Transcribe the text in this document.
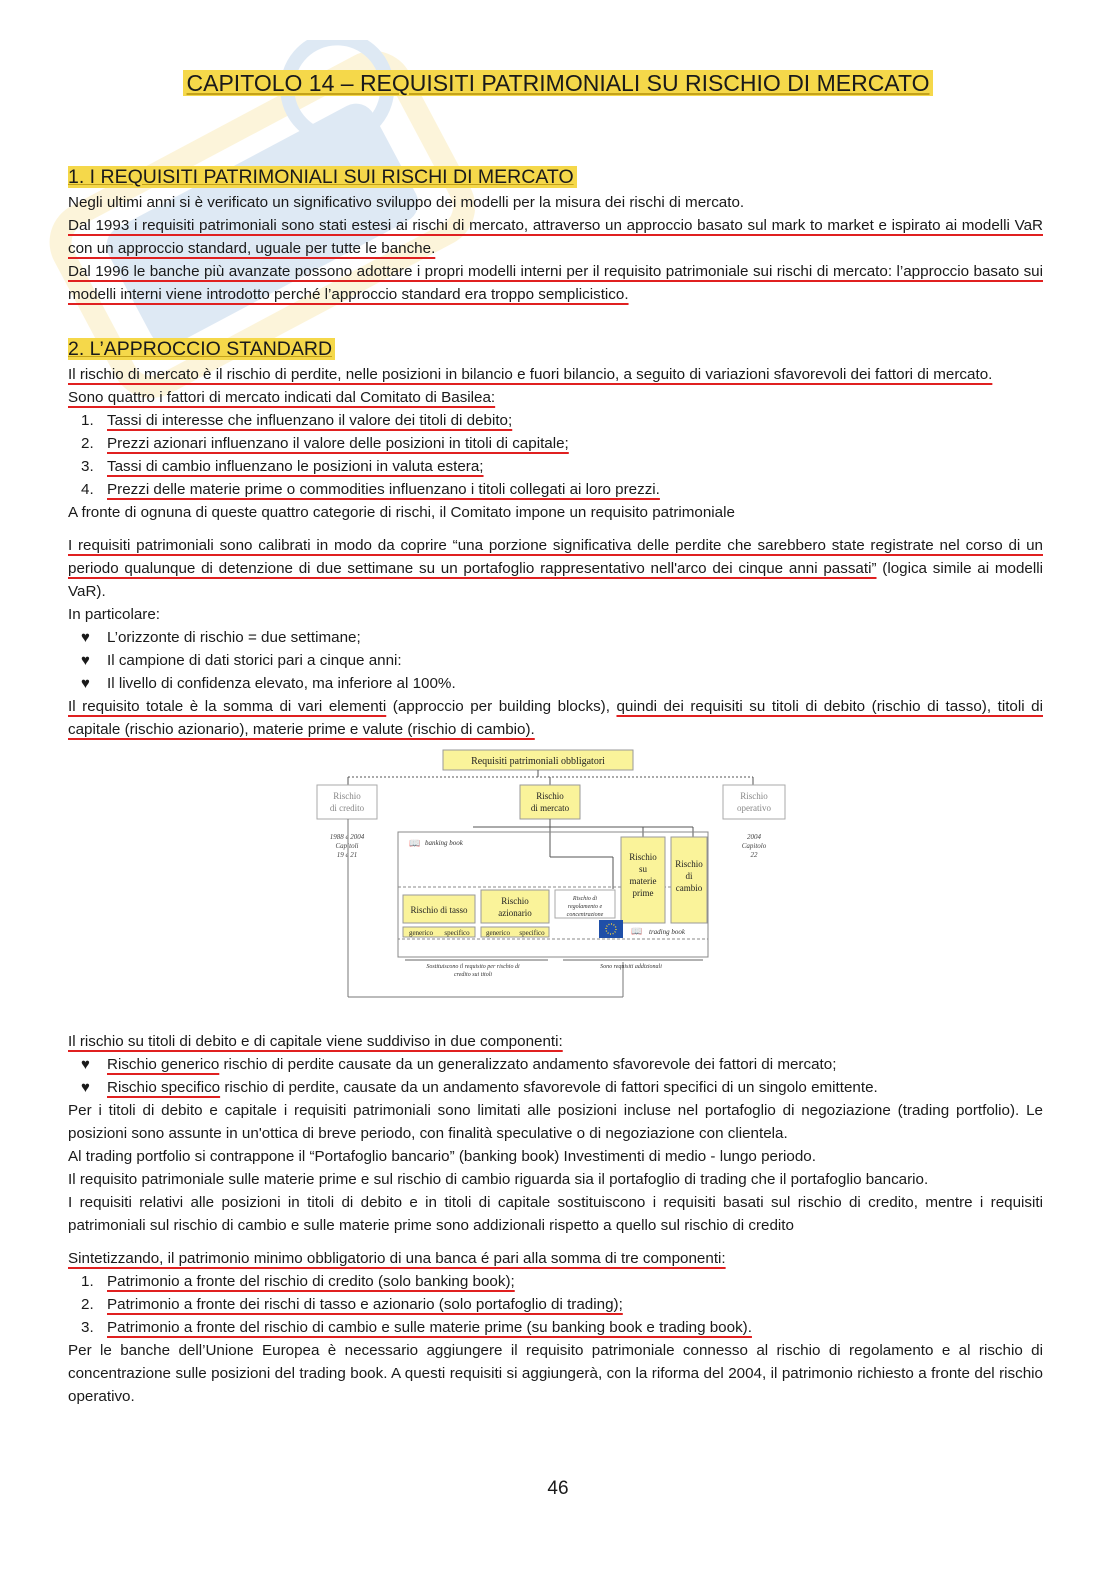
CAPITOLO 14 – REQUISITI PATRIMONIALI SU RISCHIO DI MERCATO
1. I REQUISITI PATRIMONIALI SUI RISCHI DI MERCATO

Negli ultimi anni si è verificato un significativo sviluppo dei modelli per la misura dei rischi di mercato.

Dal 1993 i requisiti patrimoniali sono stati estesi ai rischi di mercato, attraverso un approccio basato sul mark to market e ispirato ai modelli VaR con un approccio standard, uguale per tutte le banche.

Dal 1996 le banche più avanzate possono adottare i propri modelli interni per il requisito patrimoniale sui rischi di mercato: l’approccio basato sui modelli interni viene introdotto perché l’approccio standard era troppo semplicistico.

2. L’APPROCCIO STANDARD

Il rischio di mercato è il rischio di perdite, nelle posizioni in bilancio e fuori bilancio, a seguito di variazioni sfavorevoli dei fattori di mercato.

Sono quattro i fattori di mercato indicati dal Comitato di Basilea:

1. Tassi di interesse che influenzano il valore dei titoli di debito;
2. Prezzi azionari influenzano il valore delle posizioni in titoli di capitale;
3. Tassi di cambio influenzano le posizioni in valuta estera;
4. Prezzi delle materie prime o commodities influenzano i titoli collegati ai loro prezzi.

A fronte di ognuna di queste quattro categorie di rischi, il Comitato impone un requisito patrimoniale

I requisiti patrimoniali sono calibrati in modo da coprire “una porzione significativa delle perdite che sarebbero state registrate nel corso di un periodo qualunque di detenzione di due settimane su un portafoglio rappresentativo nell'arco dei cinque anni passati” (logica simile ai modelli VaR).

In particolare:

♥ L’orizzonte di rischio = due settimane;
♥ Il campione di dati storici pari a cinque anni:
♥ Il livello di confidenza elevato, ma inferiore al 100%.

Il requisito totale è la somma di vari elementi (approccio per building blocks), quindi dei requisiti su titoli di debito (rischio di tasso), titoli di capitale (rischio azionario), materie prime e valute (rischio di cambio).

Requisiti patrimoniali obbligatori
Rischio
di credito
Rischio
di mercato
Rischio
operativo
1988 e 2004
Capitoli
19 e 21
2004
Capitolo
22
📖 banking book
Rischio di tasso
generico specifico
Rischio
azionario
generico specifico
Rischio di
regolamento e
concentrazione
Rischio
su
materie
prime
Rischio
di
cambio
📖 trading book
Sostituiscono il requisito per rischio di
credito sui titoli
Sono requisiti addizionali

Il rischio su titoli di debito e di capitale viene suddiviso in due componenti:

♥ Rischio generico rischio di perdite causate da un generalizzato andamento sfavorevole dei fattori di mercato;
♥ Rischio specifico rischio di perdite, causate da un andamento sfavorevole di fattori specifici di un singolo emittente.

Per i titoli di debito e capitale i requisiti patrimoniali sono limitati alle posizioni incluse nel portafoglio di negoziazione (trading portfolio). Le posizioni sono assunte in un'ottica di breve periodo, con finalità speculative o di negoziazione con clientela.

Al trading portfolio si contrappone il “Portafoglio bancario” (banking book) Investimenti di medio - lungo periodo.

Il requisito patrimoniale sulle materie prime e sul rischio di cambio riguarda sia il portafoglio di trading che il portafoglio bancario.

I requisiti relativi alle posizioni in titoli di debito e in titoli di capitale sostituiscono i requisiti basati sul rischio di credito, mentre i requisiti patrimoniali sul rischio di cambio e sulle materie prime sono addizionali rispetto a quello sul rischio di credito

Sintetizzando, il patrimonio minimo obbligatorio di una banca é pari alla somma di tre componenti:

1. Patrimonio a fronte del rischio di credito (solo banking book);
2. Patrimonio a fronte dei rischi di tasso e azionario (solo portafoglio di trading);
3. Patrimonio a fronte del rischio di cambio e sulle materie prime (su banking book e trading book).

Per le banche dell’Unione Europea è necessario aggiungere il requisito patrimoniale connesso al rischio di regolamento e al rischio di concentrazione sulle posizioni del trading book. A questi requisiti si aggiungerà, con la riforma del 2004, il patrimonio richiesto a fronte del rischio operativo.

46
